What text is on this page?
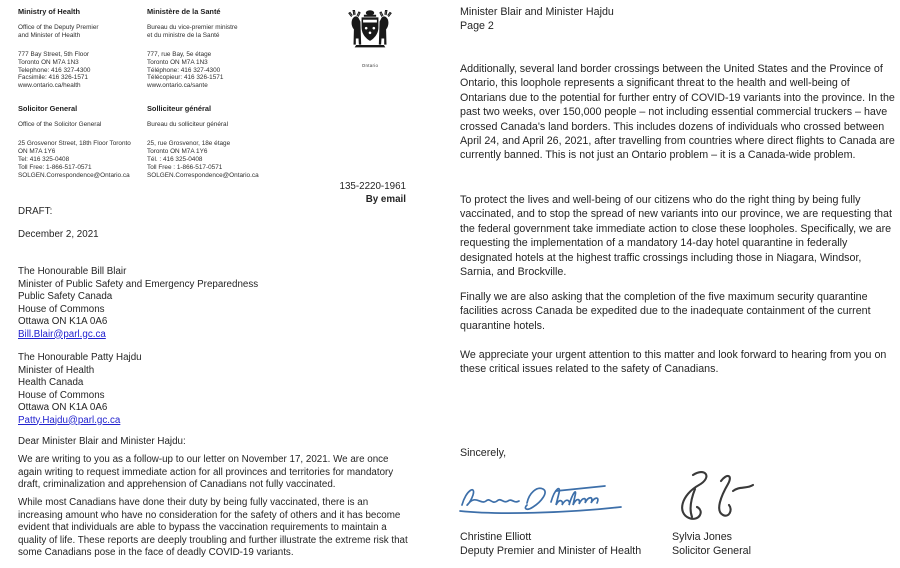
Ministry of Health
Office of the Deputy Premier
and Minister of Health
777 Bay Street, 5th Floor
Toronto ON M7A 1N3
Telephone: 416 327-4300
Facsimile: 416 326-1571
www.ontario.ca/health
Solicitor General
Office of the Solicitor General
25 Grosvenor Street, 18th Floor Toronto
ON M7A 1Y6
Tel: 416 325-0408
Toll Free: 1-866-517-0571
SOLGEN.Correspondence@Ontario.ca
Ministère de la Santé
Bureau du vice-premier ministre
et du ministre de la Santé
777, rue Bay, 5e étage
Toronto ON M7A 1N3
Téléphone: 416 327-4300
Télécopieur: 416 326-1571
www.ontario.ca/sante
Solliciteur général
Bureau du solliciteur général
25, rue Grosvenor, 18e étage
Toronto ON M7A 1Y6
Tél. : 416 325-0408
Toll Free : 1-866-517-0571
SOLGEN.Correspondence@Ontario.ca
Ontario
135-2220-1961
By email
DRAFT:
December 2, 2021
The Honourable Bill Blair
Minister of Public Safety and Emergency Preparedness
Public Safety Canada
House of Commons
Ottawa ON K1A 0A6
Bill.Blair@parl.gc.ca
The Honourable Patty Hajdu
Minister of Health
Health Canada
House of Commons
Ottawa ON K1A 0A6
Patty.Hajdu@parl.gc.ca
Dear Minister Blair and Minister Hajdu:
We are writing to you as a follow-up to our letter on November 17, 2021. We are once again writing to request immediate action for all provinces and territories for mandatory draft, criminalization and apprehension of Canadians not fully vaccinated.
While most Canadians have done their duty by being fully vaccinated, there is an increasing amount who have no consideration for the safety of others and it has become evident that individuals are able to bypass the vaccination requirements to maintain a quality of life. These reports are deeply troubling and further illustrate the extreme risk that some Canadians pose in the face of deadly COVID-19 variants.
Minister Blair and Minister Hajdu
Page 2
Additionally, several land border crossings between the United States and the Province of Ontario, this loophole represents a significant threat to the health and well-being of Ontarians due to the potential for further entry of COVID-19 variants into the province. In the past two weeks, over 150,000 people – not including essential commercial truckers – have crossed Canada's land borders. This includes dozens of individuals who crossed between April 24, and April 26, 2021, after travelling from countries where direct flights to Canada are currently banned. This is not just an Ontario problem – it is a Canada-wide problem.
To protect the lives and well-being of our citizens who do the right thing by being fully vaccinated, and to stop the spread of new variants into our province, we are requesting that the federal government take immediate action to close these loopholes. Specifically, we are requesting the implementation of a mandatory 14-day hotel quarantine in federally designated hotels at the highest traffic crossings including those in Niagara, Windsor, Sarnia, and Brockville.
Finally we are also asking that the completion of the five maximum security quarantine facilities across Canada be expedited due to the inadequate containment of the current quarantine hotels.
We appreciate your urgent attention to this matter and look forward to hearing from you on these critical issues related to the safety of Canadians.
Sincerely,
Christine Elliott
Deputy Premier and Minister of Health
Sylvia Jones
Solicitor General
